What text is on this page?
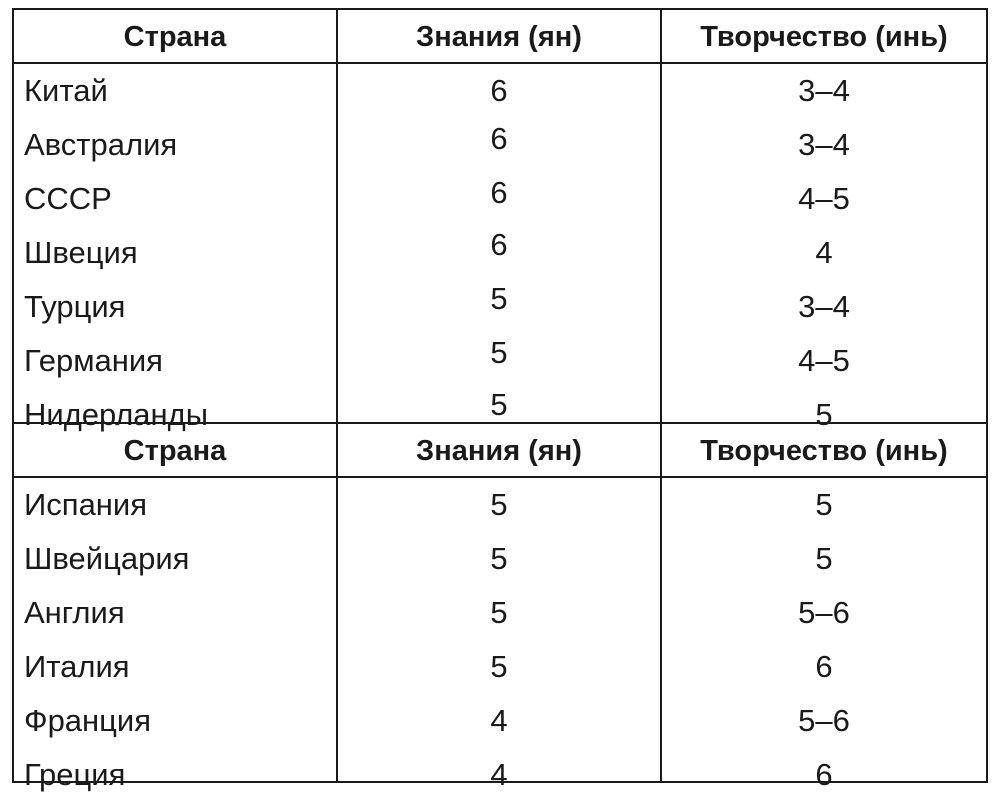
Страна	Знания (ян)	Творчество (инь)
Китай	6	3–4
Австралия	6	3–4
СССР	6	4–5
Швеция	6	4
Турция	5	3–4
Германия	5	4–5
Нидерланды	5	5
Страна	Знания (ян)	Творчество (инь)
Испания	5	5
Швейцария	5	5
Англия	5	5–6
Италия	5	6
Франция	4	5–6
Греция	4	6
